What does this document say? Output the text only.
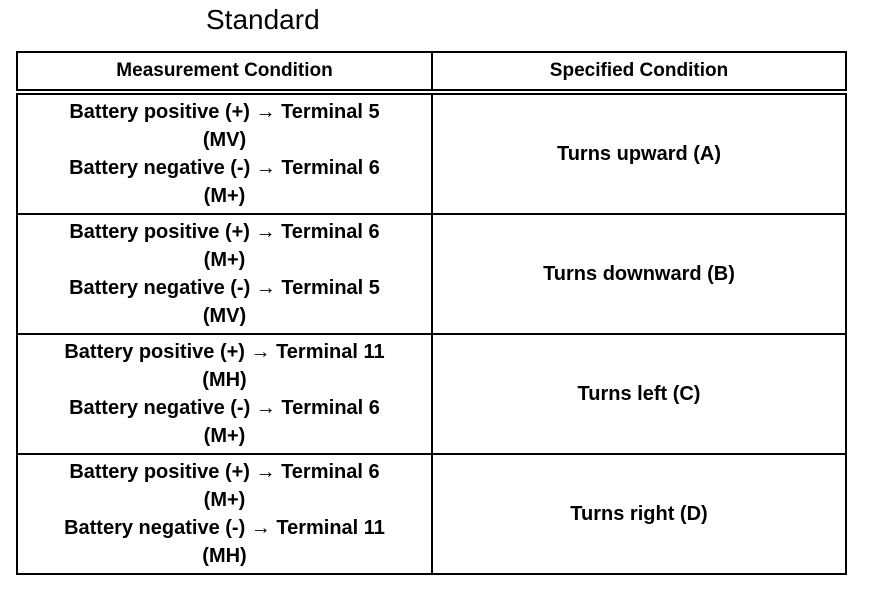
Standard
Measurement Condition	Specified Condition

Battery positive (+) → Terminal 5
(MV)
Battery negative (-) → Terminal 6
(M+)	Turns upward (A)

Battery positive (+) → Terminal 6
(M+)
Battery negative (-) → Terminal 5
(MV)	Turns downward (B)

Battery positive (+) → Terminal 11
(MH)
Battery negative (-) → Terminal 6
(M+)	Turns left (C)

Battery positive (+) → Terminal 6
(M+)
Battery negative (-) → Terminal 11
(MH)	Turns right (D)
